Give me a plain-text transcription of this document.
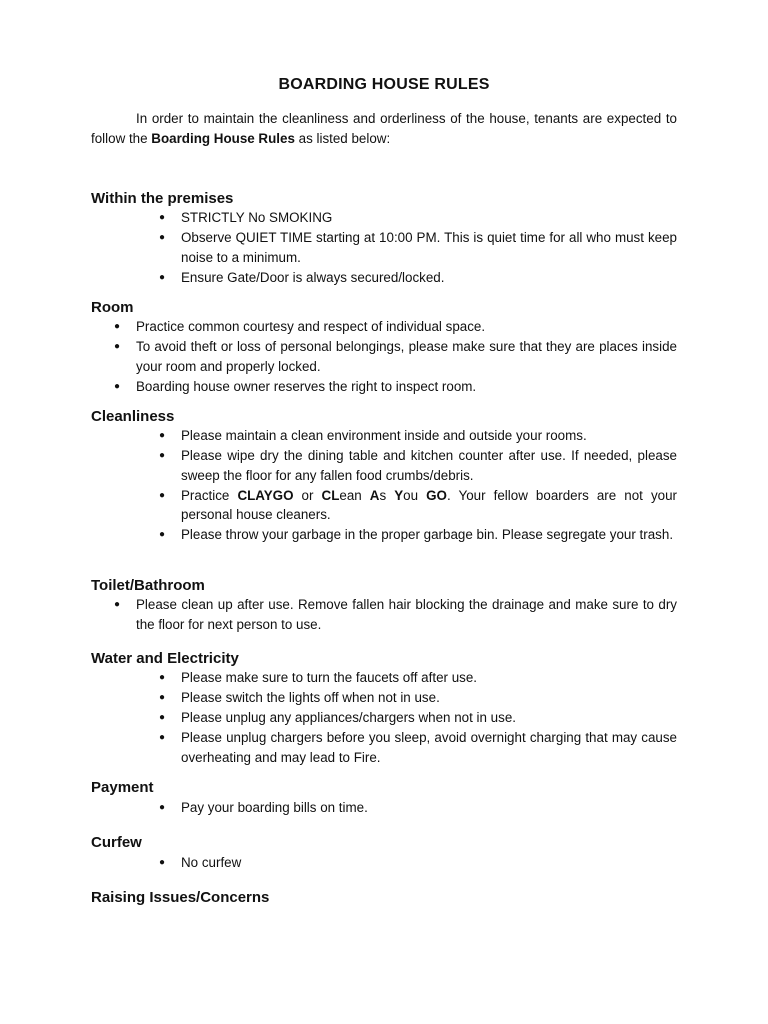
BOARDING HOUSE RULES

In order to maintain the cleanliness and orderliness of the house, tenants are expected to follow the Boarding House Rules as listed below:

Within the premises
● STRICTLY No SMOKING
● Observe QUIET TIME starting at 10:00 PM. This is quiet time for all who must keep noise to a minimum.
● Ensure Gate/Door is always secured/locked.
Room
● Practice common courtesy and respect of individual space.
● To avoid theft or loss of personal belongings, please make sure that they are places inside your room and properly locked.
● Boarding house owner reserves the right to inspect room.
Cleanliness
● Please maintain a clean environment inside and outside your rooms.
● Please wipe dry the dining table and kitchen counter after use. If needed, please sweep the floor for any fallen food crumbs/debris.
● Practice CLAYGO or CLean As You GO. Your fellow boarders are not your personal house cleaners.
● Please throw your garbage in the proper garbage bin. Please segregate your trash.
Toilet/Bathroom
● Please clean up after use. Remove fallen hair blocking the drainage and make sure to dry the floor for next person to use.
Water and Electricity
● Please make sure to turn the faucets off after use.
● Please switch the lights off when not in use.
● Please unplug any appliances/chargers when not in use.
● Please unplug chargers before you sleep, avoid overnight charging that may cause overheating and may lead to Fire.
Payment
● Pay your boarding bills on time.
Curfew
● No curfew
Raising Issues/Concerns
